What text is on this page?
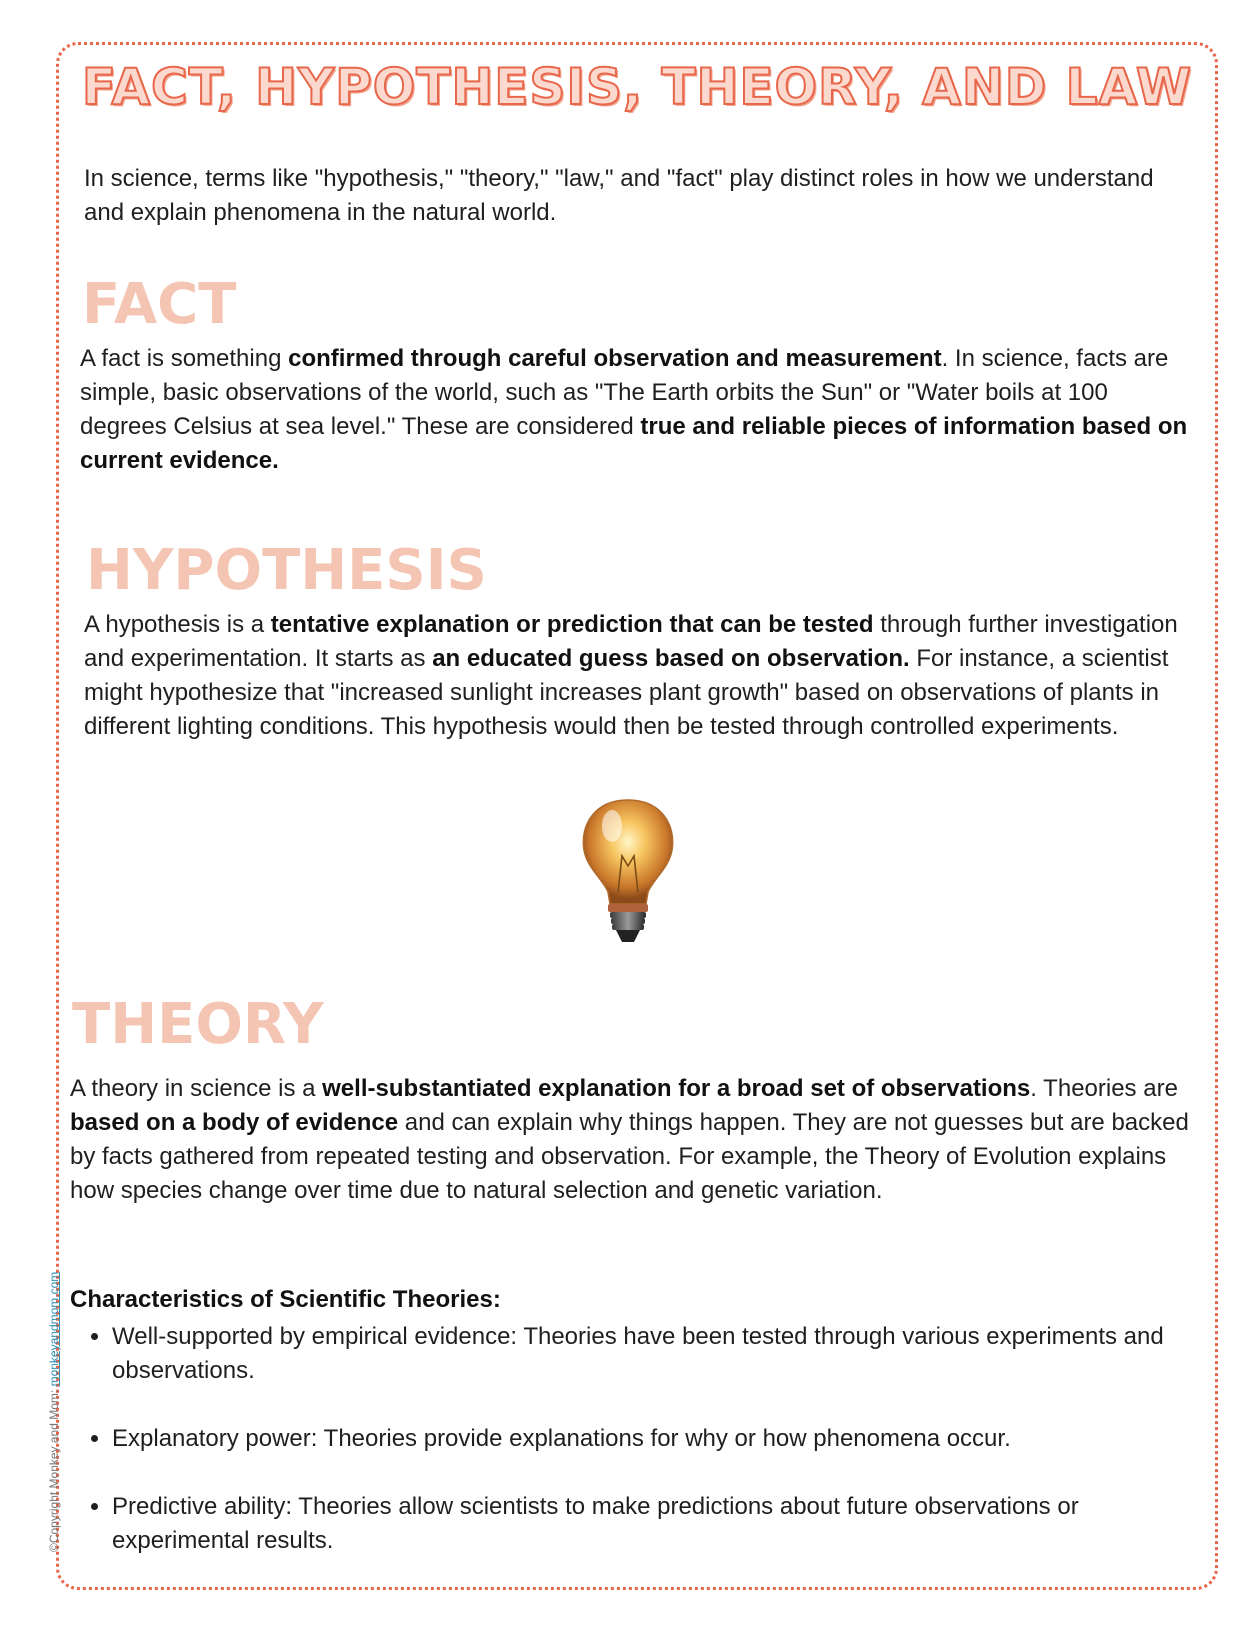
FACT, HYPOTHESIS, THEORY, AND LAW

In science, terms like "hypothesis," "theory," "law," and "fact" play distinct roles in how we understand and explain phenomena in the natural world.

FACT

A fact is something confirmed through careful observation and measurement. In science, facts are simple, basic observations of the world, such as "The Earth orbits the Sun" or "Water boils at 100 degrees Celsius at sea level." These are considered true and reliable pieces of information based on current evidence.

HYPOTHESIS

A hypothesis is a tentative explanation or prediction that can be tested through further investigation and experimentation. It starts as an educated guess based on observation. For instance, a scientist might hypothesize that "increased sunlight increases plant growth" based on observations of plants in different lighting conditions. This hypothesis would then be tested through controlled experiments.

THEORY

A theory in science is a well-substantiated explanation for a broad set of observations. Theories are based on a body of evidence and can explain why things happen. They are not guesses but are backed by facts gathered from repeated testing and observation. For example, the Theory of Evolution explains how species change over time due to natural selection and genetic variation.

Characteristics of Scientific Theories:

• Well-supported by empirical evidence: Theories have been tested through various experiments and observations.
• Explanatory power: Theories provide explanations for why or how phenomena occur.
• Predictive ability: Theories allow scientists to make predictions about future observations or experimental results.
©Copyright Monkey and Mom: monkeyandmom.com
